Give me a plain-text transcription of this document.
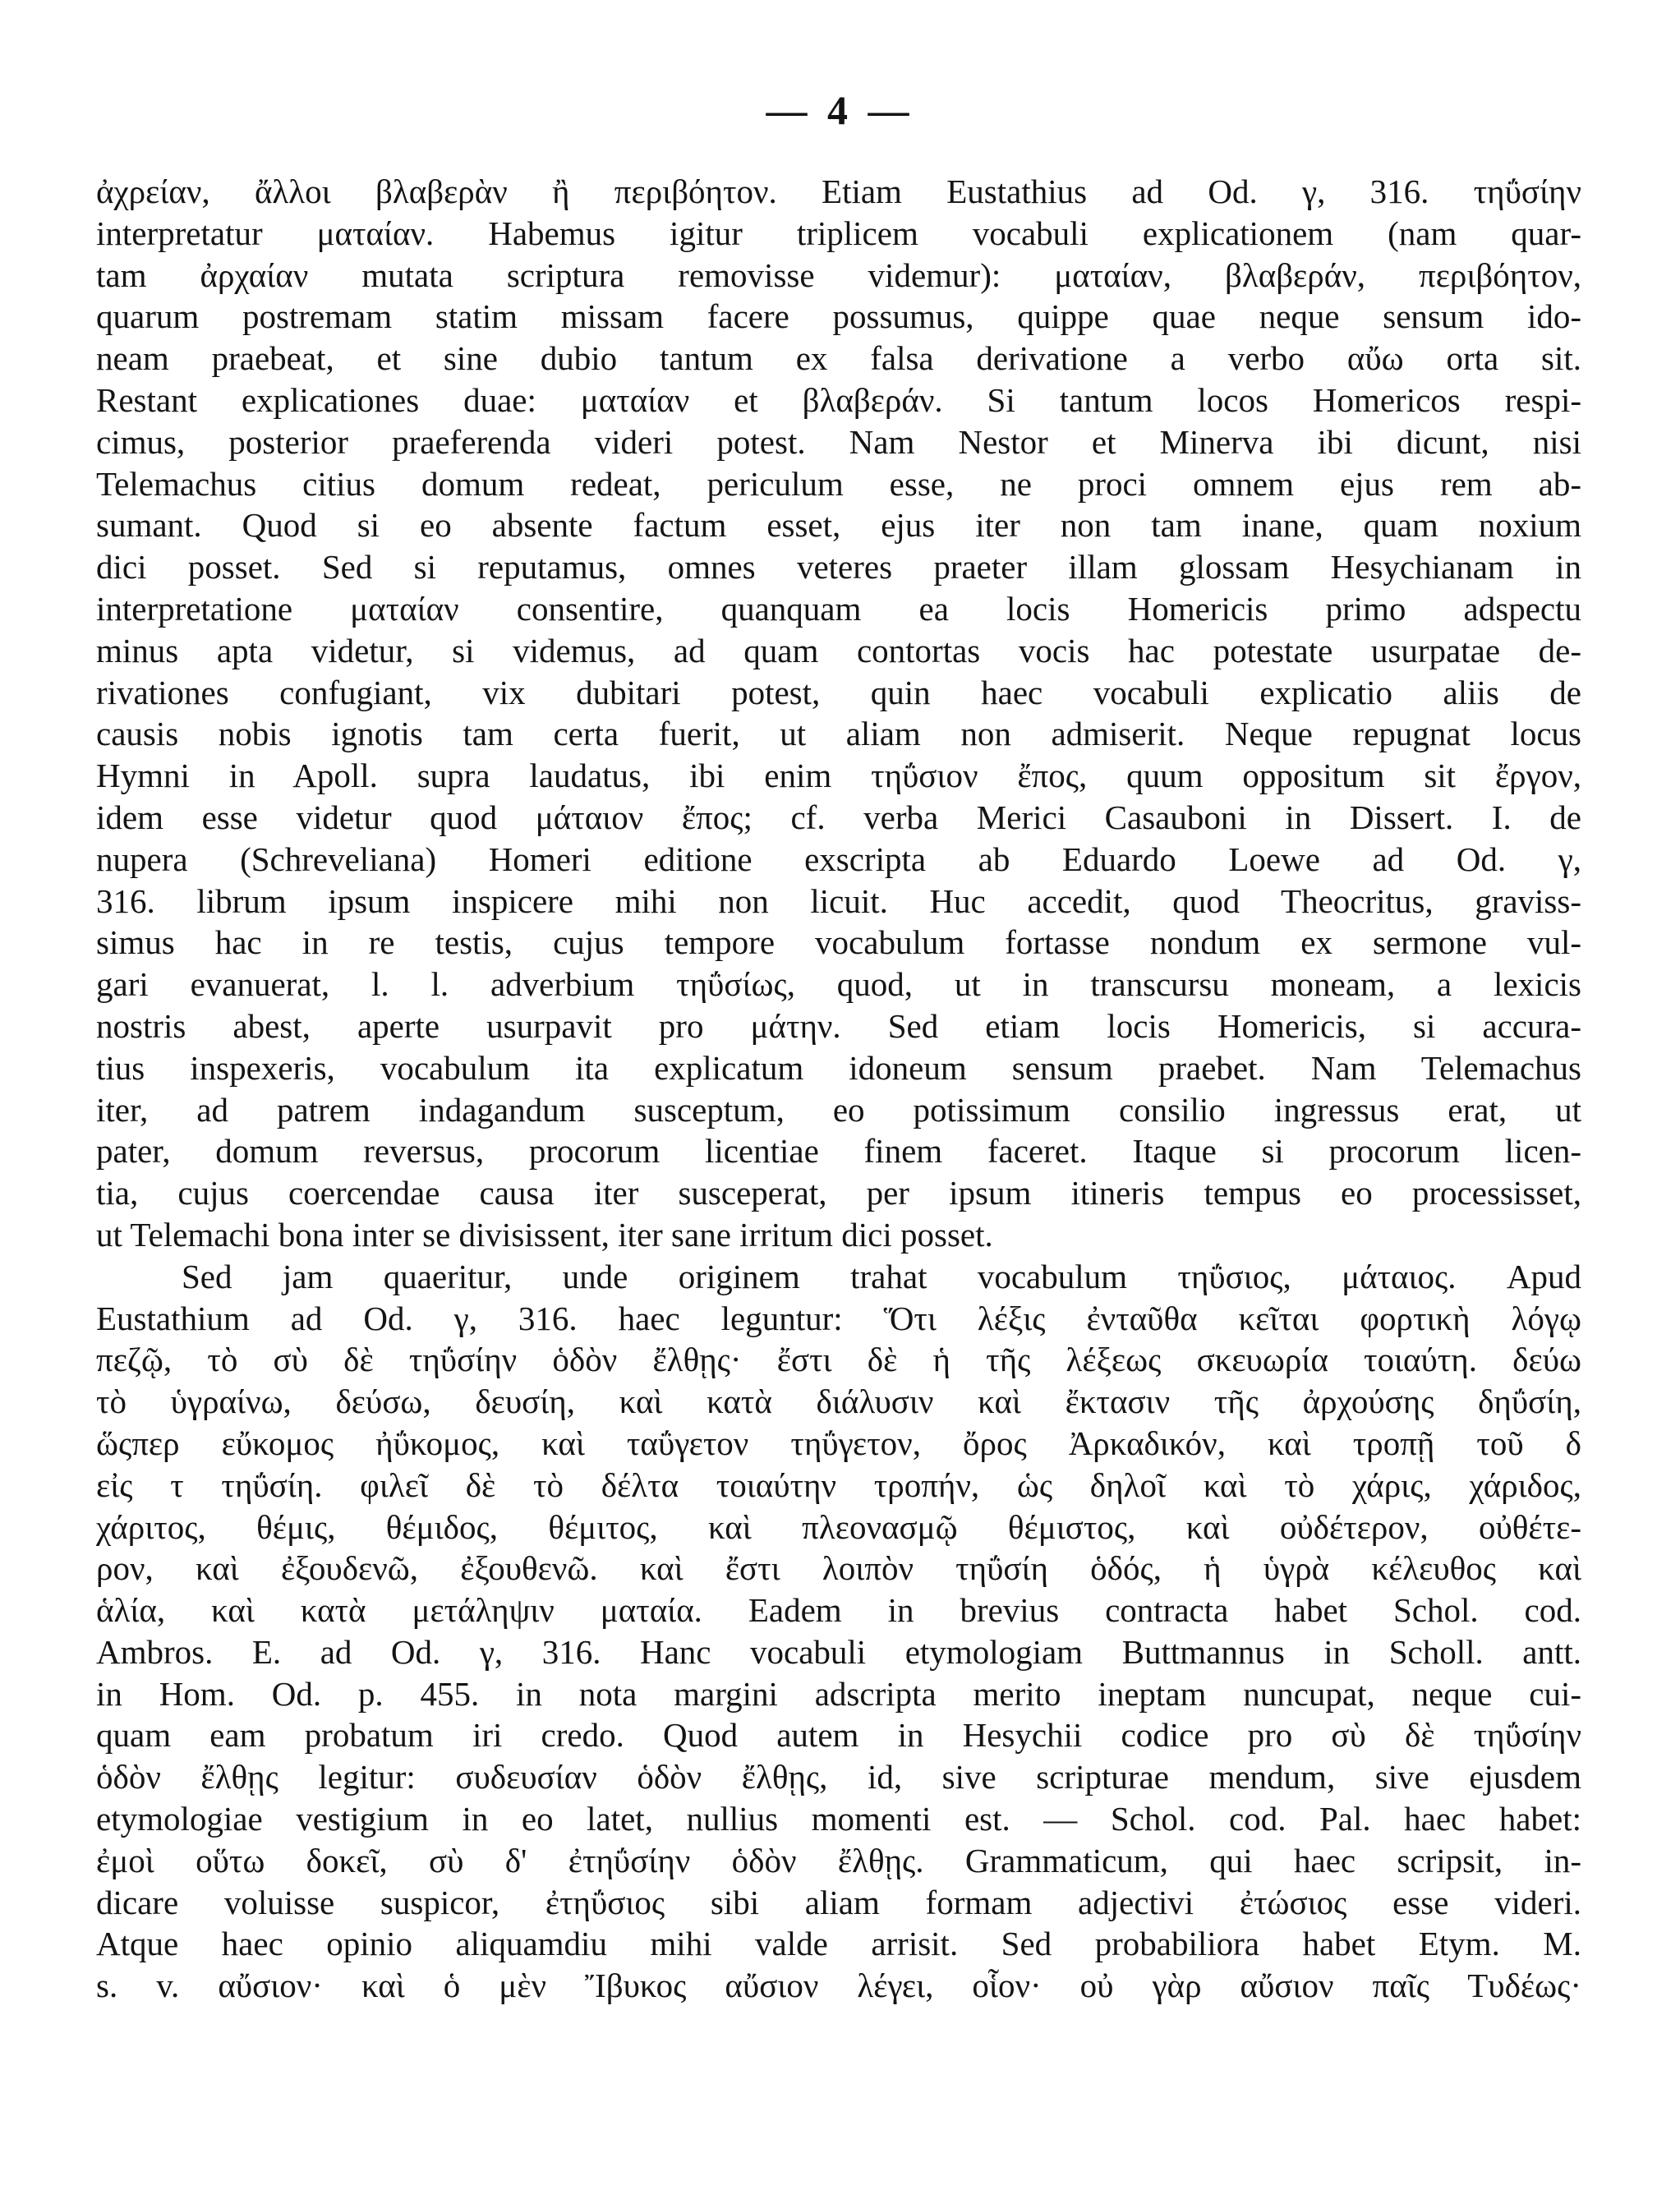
— 4 —
ἀχρείαν, ἄλλοι βλαβερὰν ἢ περιβόητον. Etiam Eustathius ad Od. γ, 316. τηΰσίην
interpretatur ματαίαν. Habemus igitur triplicem vocabuli explicationem (nam quar-
tam ἀρχαίαν mutata scriptura removisse videmur): ματαίαν, βλαβεράν, περιβόητον,
quarum postremam statim missam facere possumus, quippe quae neque sensum ido-
neam praebeat, et sine dubio tantum ex falsa derivatione a verbo αὔω orta sit.
Restant explicationes duae: ματαίαν et βλαβεράν. Si tantum locos Homericos respi-
cimus, posterior praeferenda videri potest. Nam Nestor et Minerva ibi dicunt, nisi
Telemachus citius domum redeat, periculum esse, ne proci omnem ejus rem ab-
sumant. Quod si eo absente factum esset, ejus iter non tam inane, quam noxium
dici posset. Sed si reputamus, omnes veteres praeter illam glossam Hesychianam in
interpretatione ματαίαν consentire, quanquam ea locis Homericis primo adspectu
minus apta videtur, si videmus, ad quam contortas vocis hac potestate usurpatae de-
rivationes confugiant, vix dubitari potest, quin haec vocabuli explicatio aliis de
causis nobis ignotis tam certa fuerit, ut aliam non admiserit. Neque repugnat locus
Hymni in Apoll. supra laudatus, ibi enim τηΰσιον ἔπος, quum oppositum sit ἔργον,
idem esse videtur quod μάταιον ἔπος; cf. verba Merici Casauboni in Dissert. I. de
nupera (Schreveliana) Homeri editione exscripta ab Eduardo Loewe ad Od. γ,
316. librum ipsum inspicere mihi non licuit. Huc accedit, quod Theocritus, graviss-
simus hac in re testis, cujus tempore vocabulum fortasse nondum ex sermone vul-
gari evanuerat, l. l. adverbium τηΰσίως, quod, ut in transcursu moneam, a lexicis
nostris abest, aperte usurpavit pro μάτην. Sed etiam locis Homericis, si accura-
tius inspexeris, vocabulum ita explicatum idoneum sensum praebet. Nam Telemachus
iter, ad patrem indagandum susceptum, eo potissimum consilio ingressus erat, ut
pater, domum reversus, procorum licentiae finem faceret. Itaque si procorum licen-
tia, cujus coercendae causa iter susceperat, per ipsum itineris tempus eo processisset,
ut Telemachi bona inter se divisissent, iter sane irritum dici posset.
Sed jam quaeritur, unde originem trahat vocabulum τηΰσιος, μάταιος. Apud
Eustathium ad Od. γ, 316. haec leguntur: Ὅτι λέξις ἐνταῦθα κεῖται φορτικὴ λόγῳ
πεζῷ, τὸ σὺ δὲ τηΰσίην ὁδὸν ἔλθῃς· ἔστι δὲ ἡ τῆς λέξεως σκευωρία τοιαύτη. δεύω
τὸ ὑγραίνω, δεύσω, δευσίη, καὶ κατὰ διάλυσιν καὶ ἔκτασιν τῆς ἀρχούσης δηΰσίη,
ὥςπερ εὔκομος ἠΰκομος, καὶ ταΰγετον τηΰγετον, ὄρος Ἀρκαδικόν, καὶ τροπῇ τοῦ δ
εἰς τ τηΰσίη. φιλεῖ δὲ τὸ δέλτα τοιαύτην τροπήν, ὡς δηλοῖ καὶ τὸ χάρις, χάριδος,
χάριτος, θέμις, θέμιδος, θέμιτος, καὶ πλεονασμῷ θέμιστος, καὶ οὐδέτερον, οὐθέτε-
ρον, καὶ ἐξουδενῶ, ἐξουθενῶ. καὶ ἔστι λοιπὸν τηΰσίη ὁδός, ἡ ὑγρὰ κέλευθος καὶ
ἁλία, καὶ κατὰ μετάληψιν ματαία. Eadem in brevius contracta habet Schol. cod.
Ambros. E. ad Od. γ, 316. Hanc vocabuli etymologiam Buttmannus in Scholl. antt.
in Hom. Od. p. 455. in nota margini adscripta merito ineptam nuncupat, neque cui-
quam eam probatum iri credo. Quod autem in Hesychii codice pro σὺ δὲ τηΰσίην
ὁδὸν ἔλθῃς legitur: συδευσίαν ὁδὸν ἔλθῃς, id, sive scripturae mendum, sive ejusdem
etymologiae vestigium in eo latet, nullius momenti est. — Schol. cod. Pal. haec habet:
ἐμοὶ οὕτω δοκεῖ, σὺ δ' ἐτηΰσίην ὁδὸν ἔλθῃς. Grammaticum, qui haec scripsit, in-
dicare voluisse suspicor, ἐτηΰσιος sibi aliam formam adjectivi ἐτώσιος esse videri.
Atque haec opinio aliquamdiu mihi valde arrisit. Sed probabiliora habet Etym. M.
s. v. αὔσιον· καὶ ὁ μὲν Ἴβυκος αὔσιον λέγει, οἷον· οὐ γὰρ αὔσιον παῖς Τυδέως·
